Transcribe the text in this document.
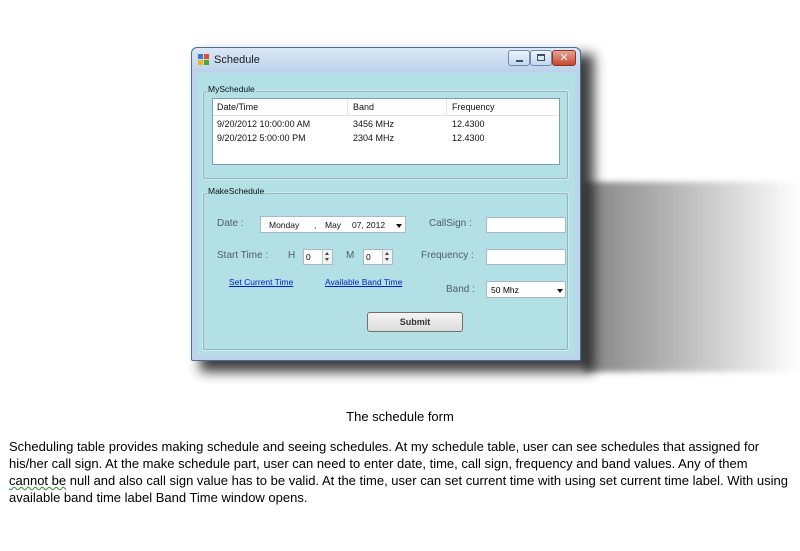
Schedule	✕
MySchedule
Date/Time	Band	Frequency
9/20/2012 10:00:00 AM	3456 MHz	12.4300
9/20/2012 5:00:00 PM	2304 MHz	12.4300
MakeSchedule
Date :	Monday , May 07, 2012
Start Time : H 0	M 0
Set Current Time	Available Band Time
CallSign :
Frequency :
Band : 50 Mhz
Submit
The schedule form
Scheduling table provides making schedule and seeing schedules. At my schedule table, user can see schedules that assigned for his/her call sign. At the make schedule part, user can need to enter date, time, call sign, frequency and band values. Any of them cannot be null and also call sign value has to be valid. At the time, user can set current time with using set current time label. With using available band time label Band Time window opens.
